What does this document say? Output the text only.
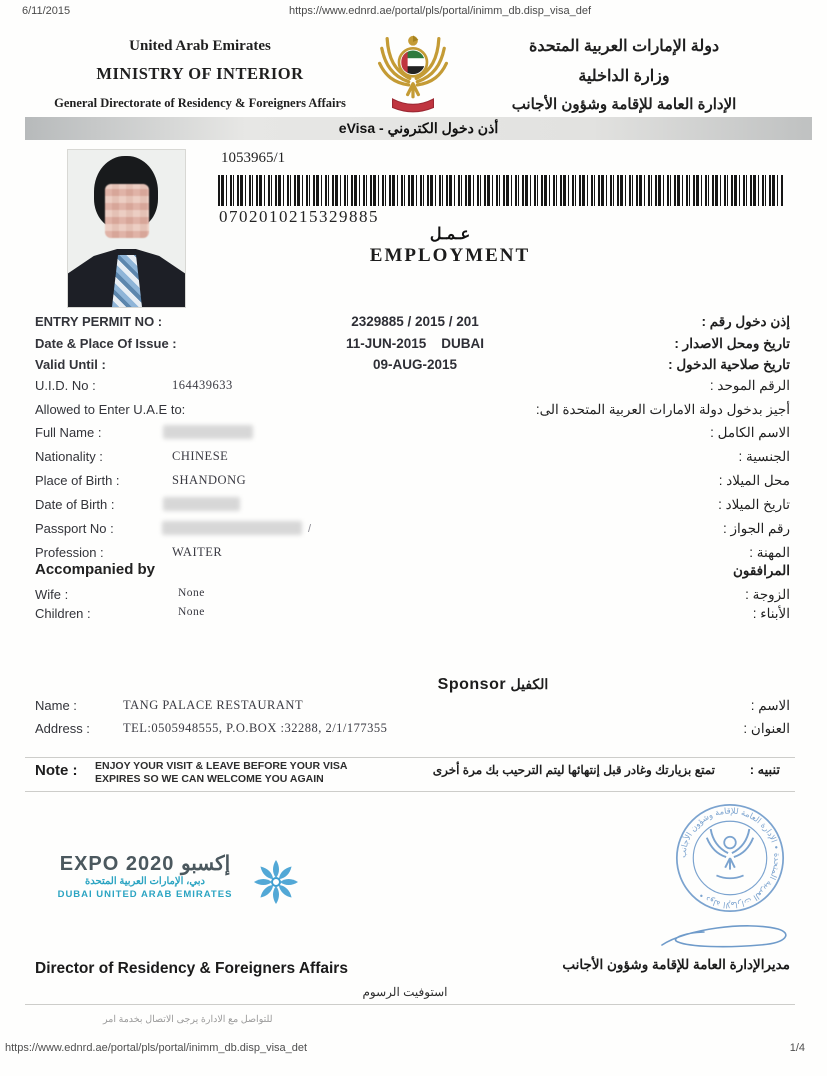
6/11/2015	https://www.ednrd.ae/portal/pls/portal/inimm_db.disp_visa_def
United Arab Emirates
MINISTRY OF INTERIOR
General Directorate of Residency & Foreigners Affairs
دولة الإمارات العربية المتحدة
وزارة الداخلية
الإدارة العامة للإقامة وشؤون الأجانب
أذن دخول الكتروني - eVisa
1053965/1
0702010215329885
عـمـل
EMPLOYMENT
ENTRY PERMIT NO :	2329885 / 2015 / 201	إذن دخول رقم :
Date & Place Of Issue :	11-JUN-2015    DUBAI	تاريخ ومحل الاصدار :
Valid Until :	09-AUG-2015	تاريخ صلاحية الدخول :
U.I.D. No :	164439633	الرقم الموحد :
Allowed to Enter U.A.E to:	أجيز بدخول دولة الامارات العربية المتحدة الى:
Full Name :	الاسم الكامل :
Nationality :	CHINESE	الجنسية :
Place of Birth :	SHANDONG	محل الميلاد :
Date of Birth :	تاريخ الميلاد :
Passport No :	/	رقم الجواز :
Profession :	WAITER	المهنة :
Accompanied by	المرافقون
Wife :	None	الزوجة :
Children :	None	الأبناء :
Sponsor الكفيل
Name :	TANG PALACE RESTAURANT	الاسم :
Address :	TEL:0505948555, P.O.BOX :32288, 2/1/177355	العنوان :
Note : ENJOY YOUR VISIT & LEAVE BEFORE YOUR VISA
EXPIRES SO WE CAN WELCOME YOU AGAIN
تمتع بزيارتك وغادر قبل إنتهائها ليتم الترحيب بك مرة أخرى	تنبيه :
EXPO 2020 إكسبو
دبي، الإمارات العربية المتحدة
DUBAI UNITED ARAB EMIRATES
دولة الإمارات العربية المتحدة • الإدارة العامة للإقامة وشؤون الأجانب •
Director of Residency & Foreigners Affairs	مديرالإدارة العامة للإقامة وشؤون الأجانب
استوفيت الرسوم
للتواصل مع الادارة يرجى الاتصال بخدمة امر
https://www.ednrd.ae/portal/pls/portal/inimm_db.disp_visa_det	1/4
